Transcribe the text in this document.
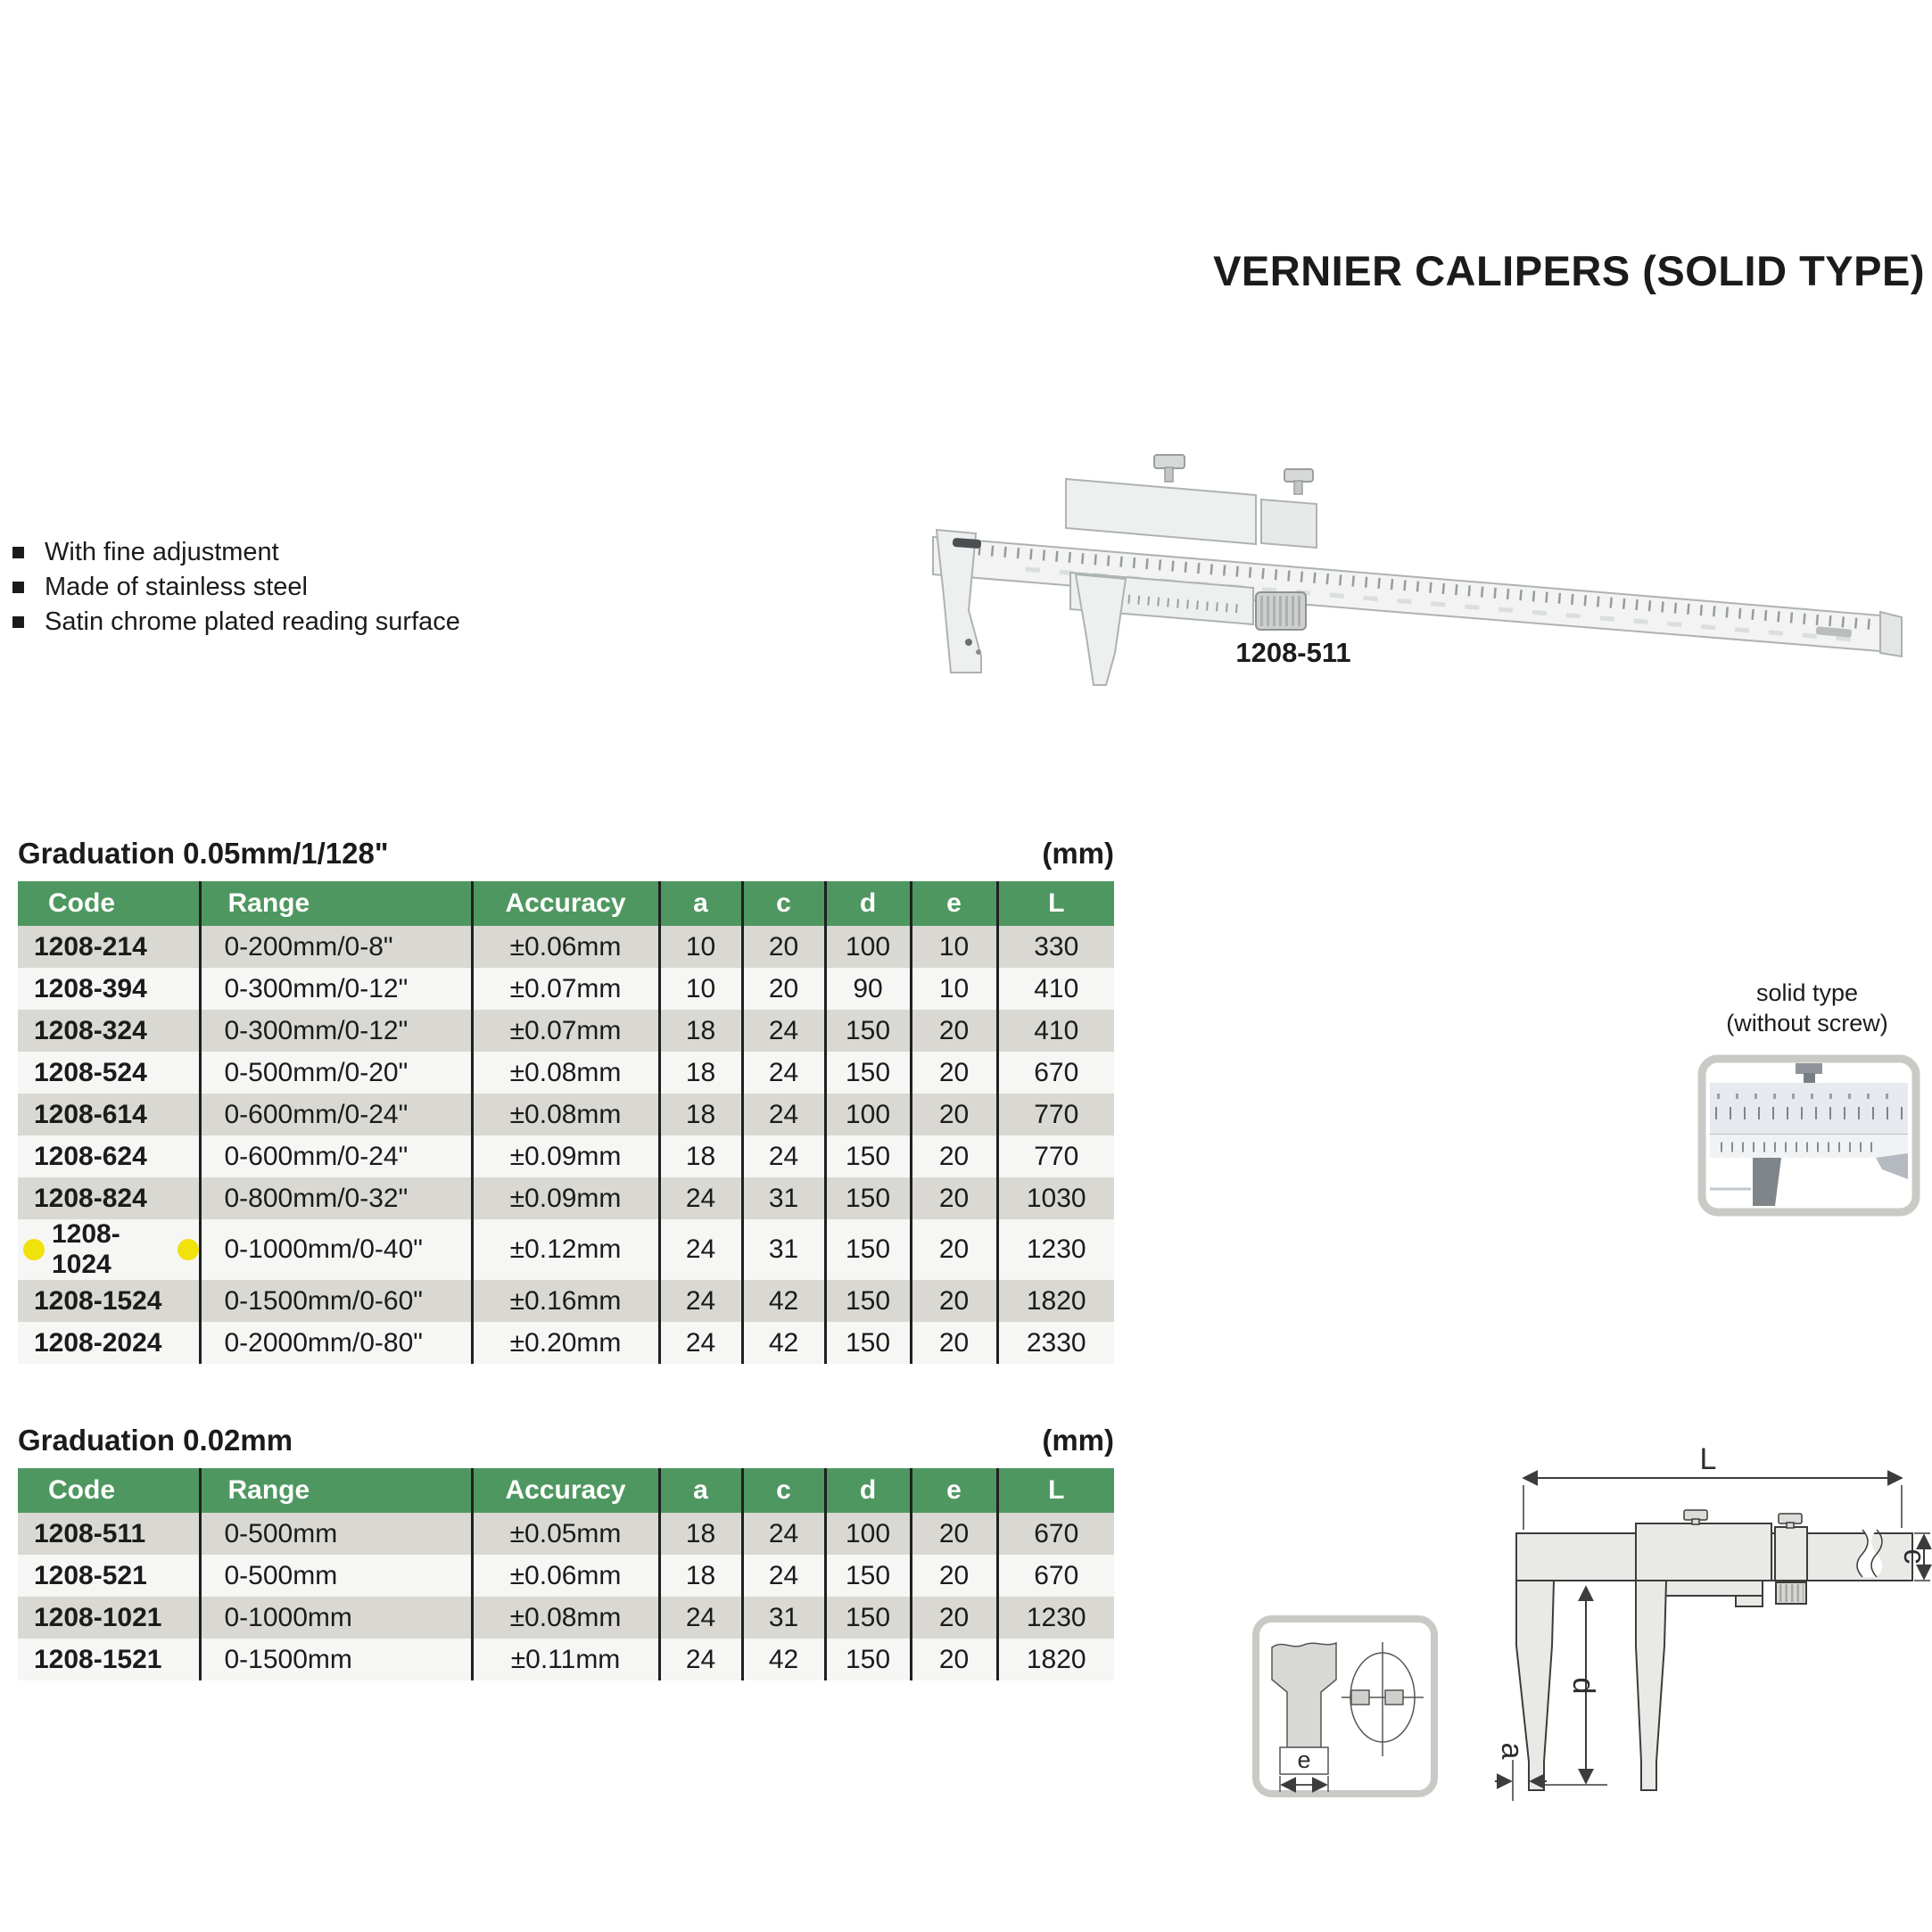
VERNIER CALIPERS (SOLID TYPE)
With fine adjustment
Made of stainless steel
Satin chrome plated reading surface
1208-511
Graduation 0.05mm/1/128"	(mm)
Code	Range	Accuracy	a	c	d	e	L
1208-214	0-200mm/0-8"	±0.06mm	10	20	100	10	330
1208-394	0-300mm/0-12"	±0.07mm	10	20	90	10	410
1208-324	0-300mm/0-12"	±0.07mm	18	24	150	20	410
1208-524	0-500mm/0-20"	±0.08mm	18	24	150	20	670
1208-614	0-600mm/0-24"	±0.08mm	18	24	100	20	770
1208-624	0-600mm/0-24"	±0.09mm	18	24	150	20	770
1208-824	0-800mm/0-32"	±0.09mm	24	31	150	20	1030

1208-1024	0-1000mm/0-40"	±0.12mm	24	31	150	20	1230
1208-1524	0-1500mm/0-60"	±0.16mm	24	42	150	20	1820
1208-2024	0-2000mm/0-80"	±0.20mm	24	42	150	20	2330
Graduation 0.02mm	(mm)
Code	Range	Accuracy	a	c	d	e	L
1208-511	0-500mm	±0.05mm	18	24	100	20	670
1208-521	0-500mm	±0.06mm	18	24	150	20	670
1208-1021	0-1000mm	±0.08mm	24	31	150	20	1230
1208-1521	0-1500mm	±0.11mm	24	42	150	20	1820
solid type
(without screw)
L
c
d
a
e
